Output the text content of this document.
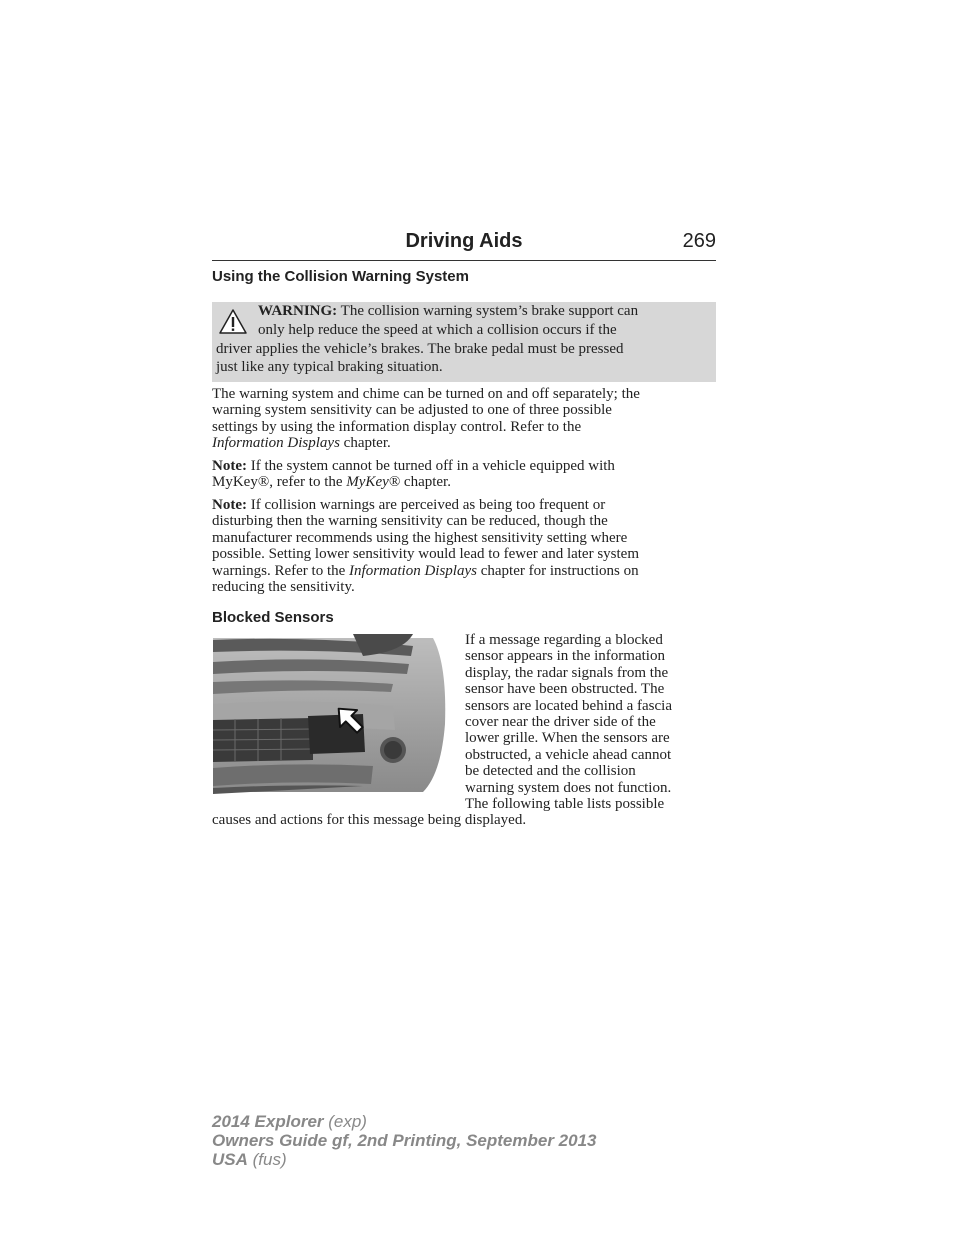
Driving Aids	269
Using the Collision Warning System
WARNING: The collision warning system’s brake support can
only help reduce the speed at which a collision occurs if the
driver applies the vehicle’s brakes. The brake pedal must be pressed
just like any typical braking situation.
The warning system and chime can be turned on and off separately; the
warning system sensitivity can be adjusted to one of three possible
settings by using the information display control. Refer to the
Information Displays chapter.
Note: If the system cannot be turned off in a vehicle equipped with
MyKey®, refer to the MyKey® chapter.
Note: If collision warnings are perceived as being too frequent or
disturbing then the warning sensitivity can be reduced, though the
manufacturer recommends using the highest sensitivity setting where
possible. Setting lower sensitivity would lead to fewer and later system
warnings. Refer to the Information Displays chapter for instructions on
reducing the sensitivity.
Blocked Sensors
If a message regarding a blocked
sensor appears in the information
display, the radar signals from the
sensor have been obstructed. The
sensors are located behind a fascia
cover near the driver side of the
lower grille. When the sensors are
obstructed, a vehicle ahead cannot
be detected and the collision
warning system does not function.
The following table lists possible
causes and actions for this message being displayed.
2014 Explorer (exp)
Owners Guide gf, 2nd Printing, September 2013
USA (fus)
